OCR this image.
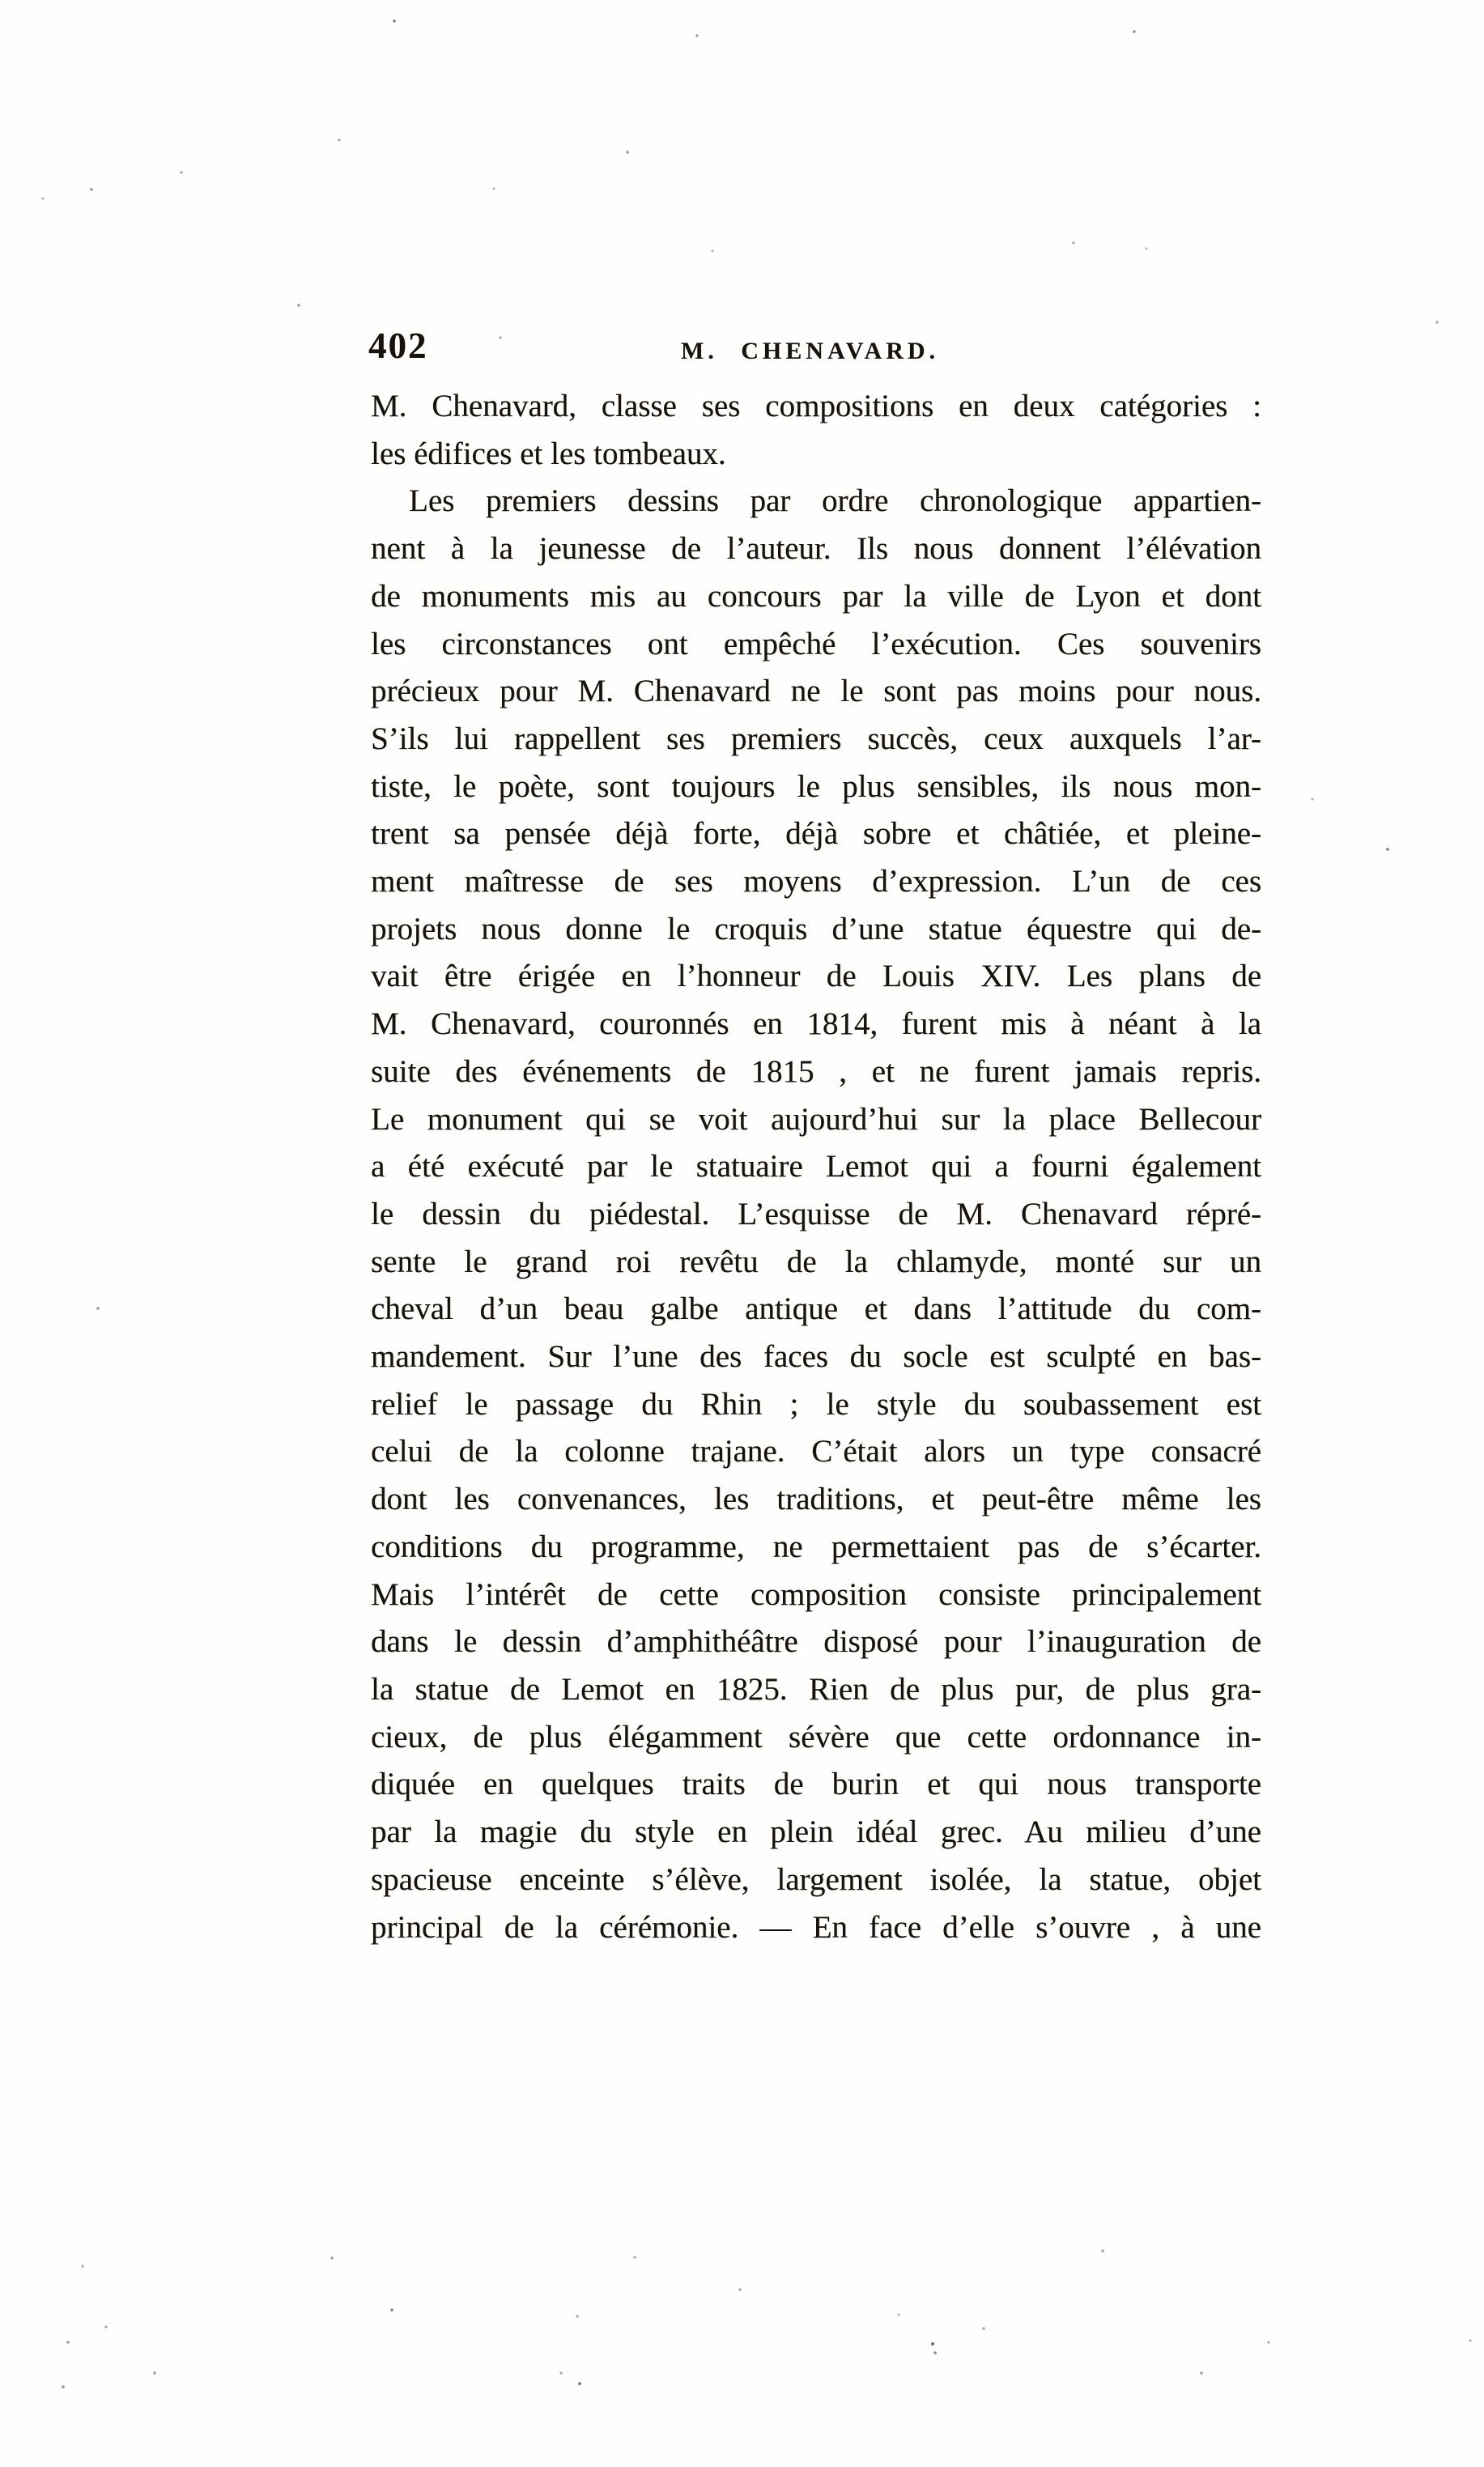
402	M. CHENAVARD.
M. Chenavard, classe ses compositions en deux catégories :
les édifices et les tombeaux.
Les premiers dessins par ordre chronologique appartien-
nent à la jeunesse de l’auteur. Ils nous donnent l’élévation
de monuments mis au concours par la ville de Lyon et dont
les circonstances ont empêché l’exécution. Ces souvenirs
précieux pour M. Chenavard ne le sont pas moins pour nous.
S’ils lui rappellent ses premiers succès, ceux auxquels l’ar-
tiste, le poète, sont toujours le plus sensibles, ils nous mon-
trent sa pensée déjà forte, déjà sobre et châtiée, et pleine-
ment maîtresse de ses moyens d’expression. L’un de ces
projets nous donne le croquis d’une statue équestre qui de-
vait être érigée en l’honneur de Louis XIV. Les plans de
M. Chenavard, couronnés en 1814, furent mis à néant à la
suite des événements de 1815 , et ne furent jamais repris.
Le monument qui se voit aujourd’hui sur la place Bellecour
a été exécuté par le statuaire Lemot qui a fourni également
le dessin du piédestal. L’esquisse de M. Chenavard répré-
sente le grand roi revêtu de la chlamyde, monté sur un
cheval d’un beau galbe antique et dans l’attitude du com-
mandement. Sur l’une des faces du socle est sculpté en bas-
relief le passage du Rhin ; le style du soubassement est
celui de la colonne trajane. C’était alors un type consacré
dont les convenances, les traditions, et peut-être même les
conditions du programme, ne permettaient pas de s’écarter.
Mais l’intérêt de cette composition consiste principalement
dans le dessin d’amphithéâtre disposé pour l’inauguration de
la statue de Lemot en 1825. Rien de plus pur, de plus gra-
cieux, de plus élégamment sévère que cette ordonnance in-
diquée en quelques traits de burin et qui nous transporte
par la magie du style en plein idéal grec. Au milieu d’une
spacieuse enceinte s’élève, largement isolée, la statue, objet
principal de la cérémonie. — En face d’elle s’ouvre , à une
